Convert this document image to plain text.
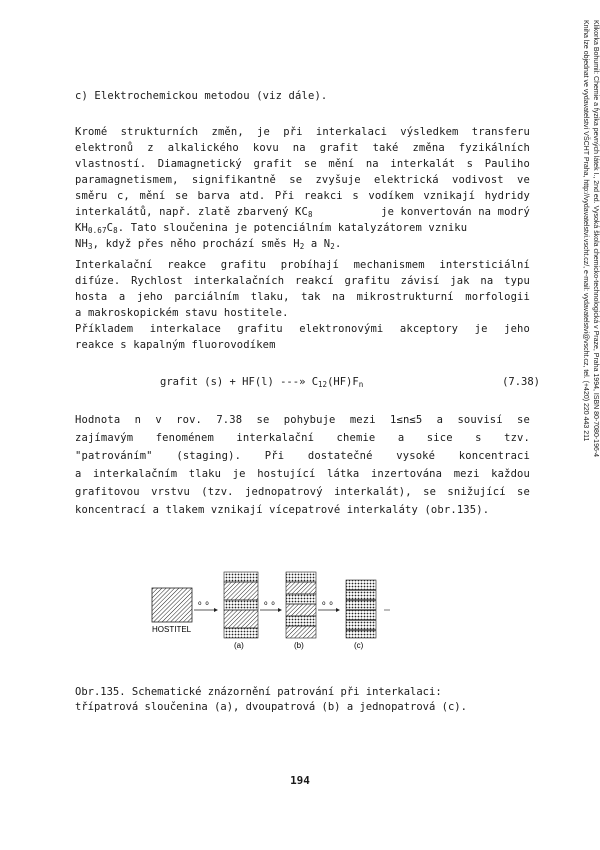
Klikorka Bohumil: Chemie a fyzika pevných látek I., 2nd ed. Vysoká škola chemicko-technologická v Praze, Praha 1994, ISBN 80-7080-196-4
Kniha lze objednat ve vydavatelství VŠCHT Praha, http://vydavatelstvi.vscht.cz/, e-mail: vydavatelstvi@vscht.cz, tel. (+420) 220 443 211
c) Elektrochemickou metodou (viz dále).
Kromé strukturních změn, je při interkalaci výsledkem transferu
elektronů z alkalického kovu na grafit také změna fyzikálních
vlastností. Diamagnetický grafit se mění na interkalát s Pauliho
paramagnetismem, signifikantně se zvyšuje elektrická vodivost ve
směru c, mění se barva atd. Při reakci s vodíkem vznikají hydridy
interkalátů, např. zlatě zbarvený $KC_8$	je konvertován na modrý
$KH_{0.67}C_8$. Tato sloučenina je potenciálním katalyzátorem vzniku
$NH_3$, když přes něho prochází směs $H_2$ a $N_2$.
Interkalační reakce grafitu probíhají mechanismem intersticiální
difúze. Rychlost interkalačních reakcí grafitu závisí jak na typu
hosta a jeho parciálním tlaku, tak na mikrostrukturní morfologii
a makroskopickém stavu hostitele.
Příkladem interkalace grafitu elektronovými akceptory je jeho
reakce s kapalným fluorovodíkem
grafit (s) + HF(l) ---» $C_{12}(HF)F_n$	(7.38)
Hodnota n v rov. 7.38 se pohybuje mezi 1≤n≤5 a souvisí se
zajímavým fenoménem interkalační chemie a sice s tzv.
"patrováním" (staging). Při dostatečné vysoké koncentraci
a interkalačním tlaku je hostující látka inzertována mezi každou
grafitovou vrstvu (tzv. jednopatrový interkalát), se snižující se
koncentrací a tlakem vznikají vícepatrové interkaláty (obr.135).
o o	o o	o o
HOSTITEL
(a)	(b)	(c)
Obr.135. Schematické znázornění patrování při interkalaci:
třípatrová sloučenina (a), dvoupatrová (b) a jednopatrová (c).
194
